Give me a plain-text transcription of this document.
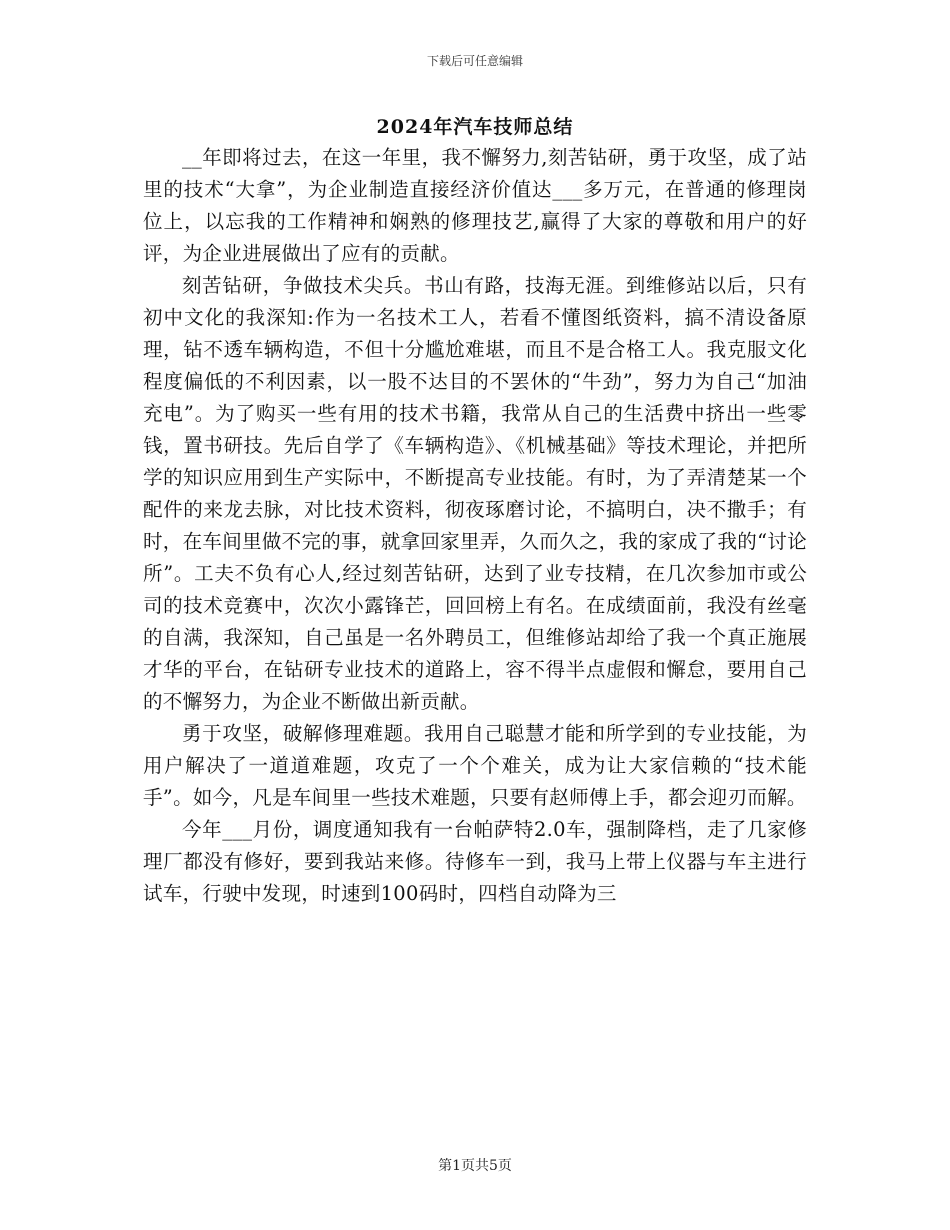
下载后可任意编辑
2024年汽车技师总结

__年即将过去，在这一年里，我不懈努力,刻苦钻研，勇于攻坚，成了站里的技术“大拿”，为企业制造直接经济价值达___多万元，在普通的修理岗位上，以忘我的工作精神和娴熟的修理技艺,赢得了大家的尊敬和用户的好评，为企业进展做出了应有的贡献。

刻苦钻研，争做技术尖兵。书山有路，技海无涯。到维修站以后，只有初中文化的我深知:作为一名技术工人，若看不懂图纸资料，搞不清设备原理，钻不透车辆构造，不但十分尴尬难堪，而且不是合格工人。我克服文化程度偏低的不利因素，以一股不达目的不罢休的“牛劲”，努力为自己“加油充电”。为了购买一些有用的技术书籍，我常从自己的生活费中挤出一些零钱，置书研技。先后自学了《车辆构造》、《机械基础》等技术理论，并把所学的知识应用到生产实际中，不断提高专业技能。有时，为了弄清楚某一个配件的来龙去脉，对比技术资料，彻夜琢磨讨论，不搞明白，决不撒手；有时，在车间里做不完的事，就拿回家里弄，久而久之，我的家成了我的“讨论所”。工夫不负有心人,经过刻苦钻研，达到了业专技精，在几次参加市或公司的技术竞赛中，次次小露锋芒，回回榜上有名。在成绩面前，我没有丝毫的自满，我深知，自己虽是一名外聘员工，但维修站却给了我一个真正施展才华的平台，在钻研专业技术的道路上，容不得半点虚假和懈怠，要用自己的不懈努力，为企业不断做出新贡献。

勇于攻坚，破解修理难题。我用自己聪慧才能和所学到的专业技能，为用户解决了一道道难题，攻克了一个个难关，成为让大家信赖的“技术能手”。如今，凡是车间里一些技术难题，只要有赵师傅上手，都会迎刃而解。

今年___月份，调度通知我有一台帕萨特2.0车，强制降档，走了几家修理厂都没有修好，要到我站来修。待修车一到，我马上带上仪器与车主进行试车，行驶中发现，时速到100码时，四档自动降为三

第1页共5页
